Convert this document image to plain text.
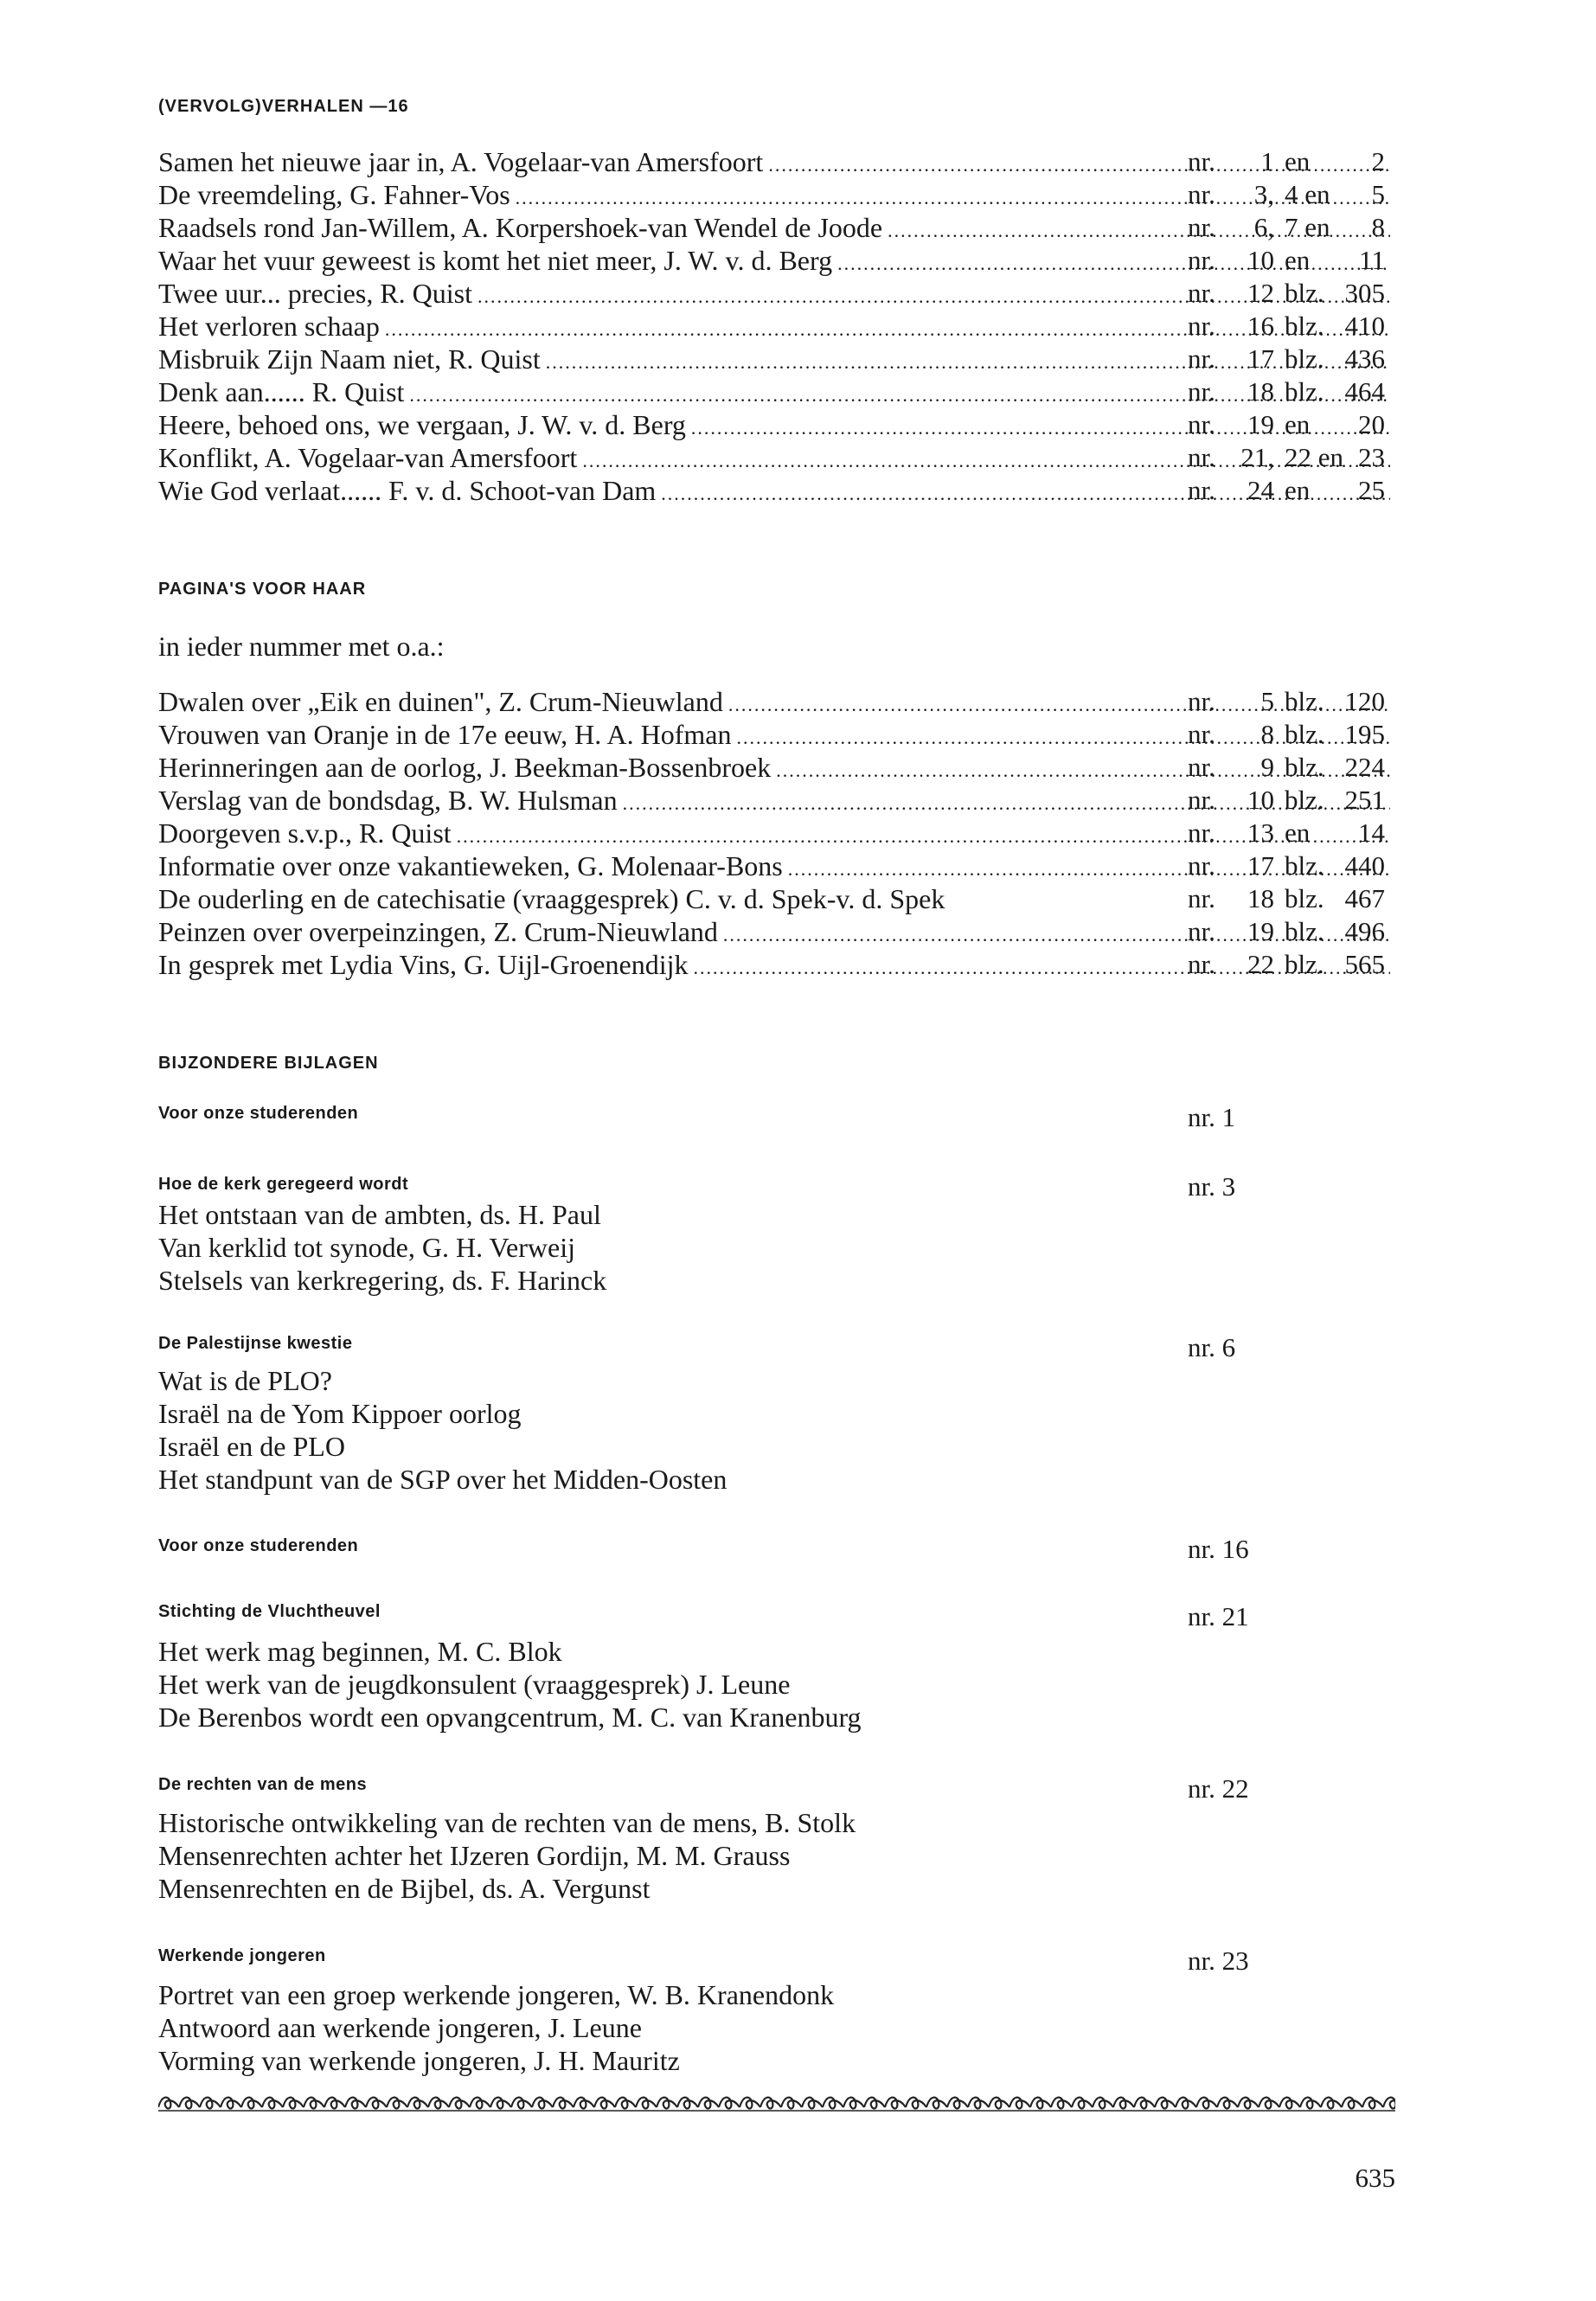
(VERVOLG)VERHALEN —16
Samen het nieuwe jaar in, A. Vogelaar-van Amersfoort .....	nr. 1 en 2
De vreemdeling, G. Fahner-Vos .....	nr. 3, 4 en 5
Raadsels rond Jan-Willem, A. Korpershoek-van Wendel de Joode .....	nr. 6, 7 en 8
Waar het vuur geweest is komt het niet meer, J. W. v. d. Berg .....	nr. 10 en 11
Twee uur... precies, R. Quist .....	nr. 12 blz. 305
Het verloren schaap .....	nr. 16 blz. 410
Misbruik Zijn Naam niet, R. Quist .....	nr. 17 blz. 436
Denk aan...... R. Quist .....	nr. 18 blz. 464
Heere, behoed ons, we vergaan, J. W. v. d. Berg .....	nr. 19 en 20
Konflikt, A. Vogelaar-van Amersfoort .....	nr. 21, 22 en 23
Wie God verlaat...... F. v. d. Schoot-van Dam .....	nr. 24 en 25
PAGINA'S VOOR HAAR
in ieder nummer met o.a.:
Dwalen over „Eik en duinen", Z. Crum-Nieuwland .....	nr. 5 blz. 120
Vrouwen van Oranje in de 17e eeuw, H. A. Hofman .....	nr. 8 blz. 195
Herinneringen aan de oorlog, J. Beekman-Bossenbroek .....	nr. 9 blz. 224
Verslag van de bondsdag, B. W. Hulsman .....	nr. 10 blz. 251
Doorgeven s.v.p., R. Quist .....	nr. 13 en 14
Informatie over onze vakantieweken, G. Molenaar-Bons .....	nr. 17 blz. 440
De ouderling en de catechisatie (vraaggesprek) C. v. d. Spek-v. d. Spek	nr. 18 blz. 467
Peinzen over overpeinzingen, Z. Crum-Nieuwland .....	nr. 19 blz. 496
In gesprek met Lydia Vins, G. Uijl-Groenendijk .....	nr. 22 blz. 565
BIJZONDERE BIJLAGEN
Voor onze studerenden	nr. 1
Hoe de kerk geregeerd wordt	nr. 3
Het ontstaan van de ambten, ds. H. Paul
Van kerklid tot synode, G. H. Verweij
Stelsels van kerkregering, ds. F. Harinck
De Palestijnse kwestie	nr. 6
Wat is de PLO?
Israël na de Yom Kippoer oorlog
Israël en de PLO
Het standpunt van de SGP over het Midden-Oosten
Voor onze studerenden	nr. 16
Stichting de Vluchtheuvel	nr. 21
Het werk mag beginnen, M. C. Blok
Het werk van de jeugdkonsulent (vraaggesprek) J. Leune
De Berenbos wordt een opvangcentrum, M. C. van Kranenburg
De rechten van de mens	nr. 22
Historische ontwikkeling van de rechten van de mens, B. Stolk
Mensenrechten achter het IJzeren Gordijn, M. M. Grauss
Mensenrechten en de Bijbel, ds. A. Vergunst
Werkende jongeren	nr. 23
Portret van een groep werkende jongeren, W. B. Kranendonk
Antwoord aan werkende jongeren, J. Leune
Vorming van werkende jongeren, J. H. Mauritz
635
